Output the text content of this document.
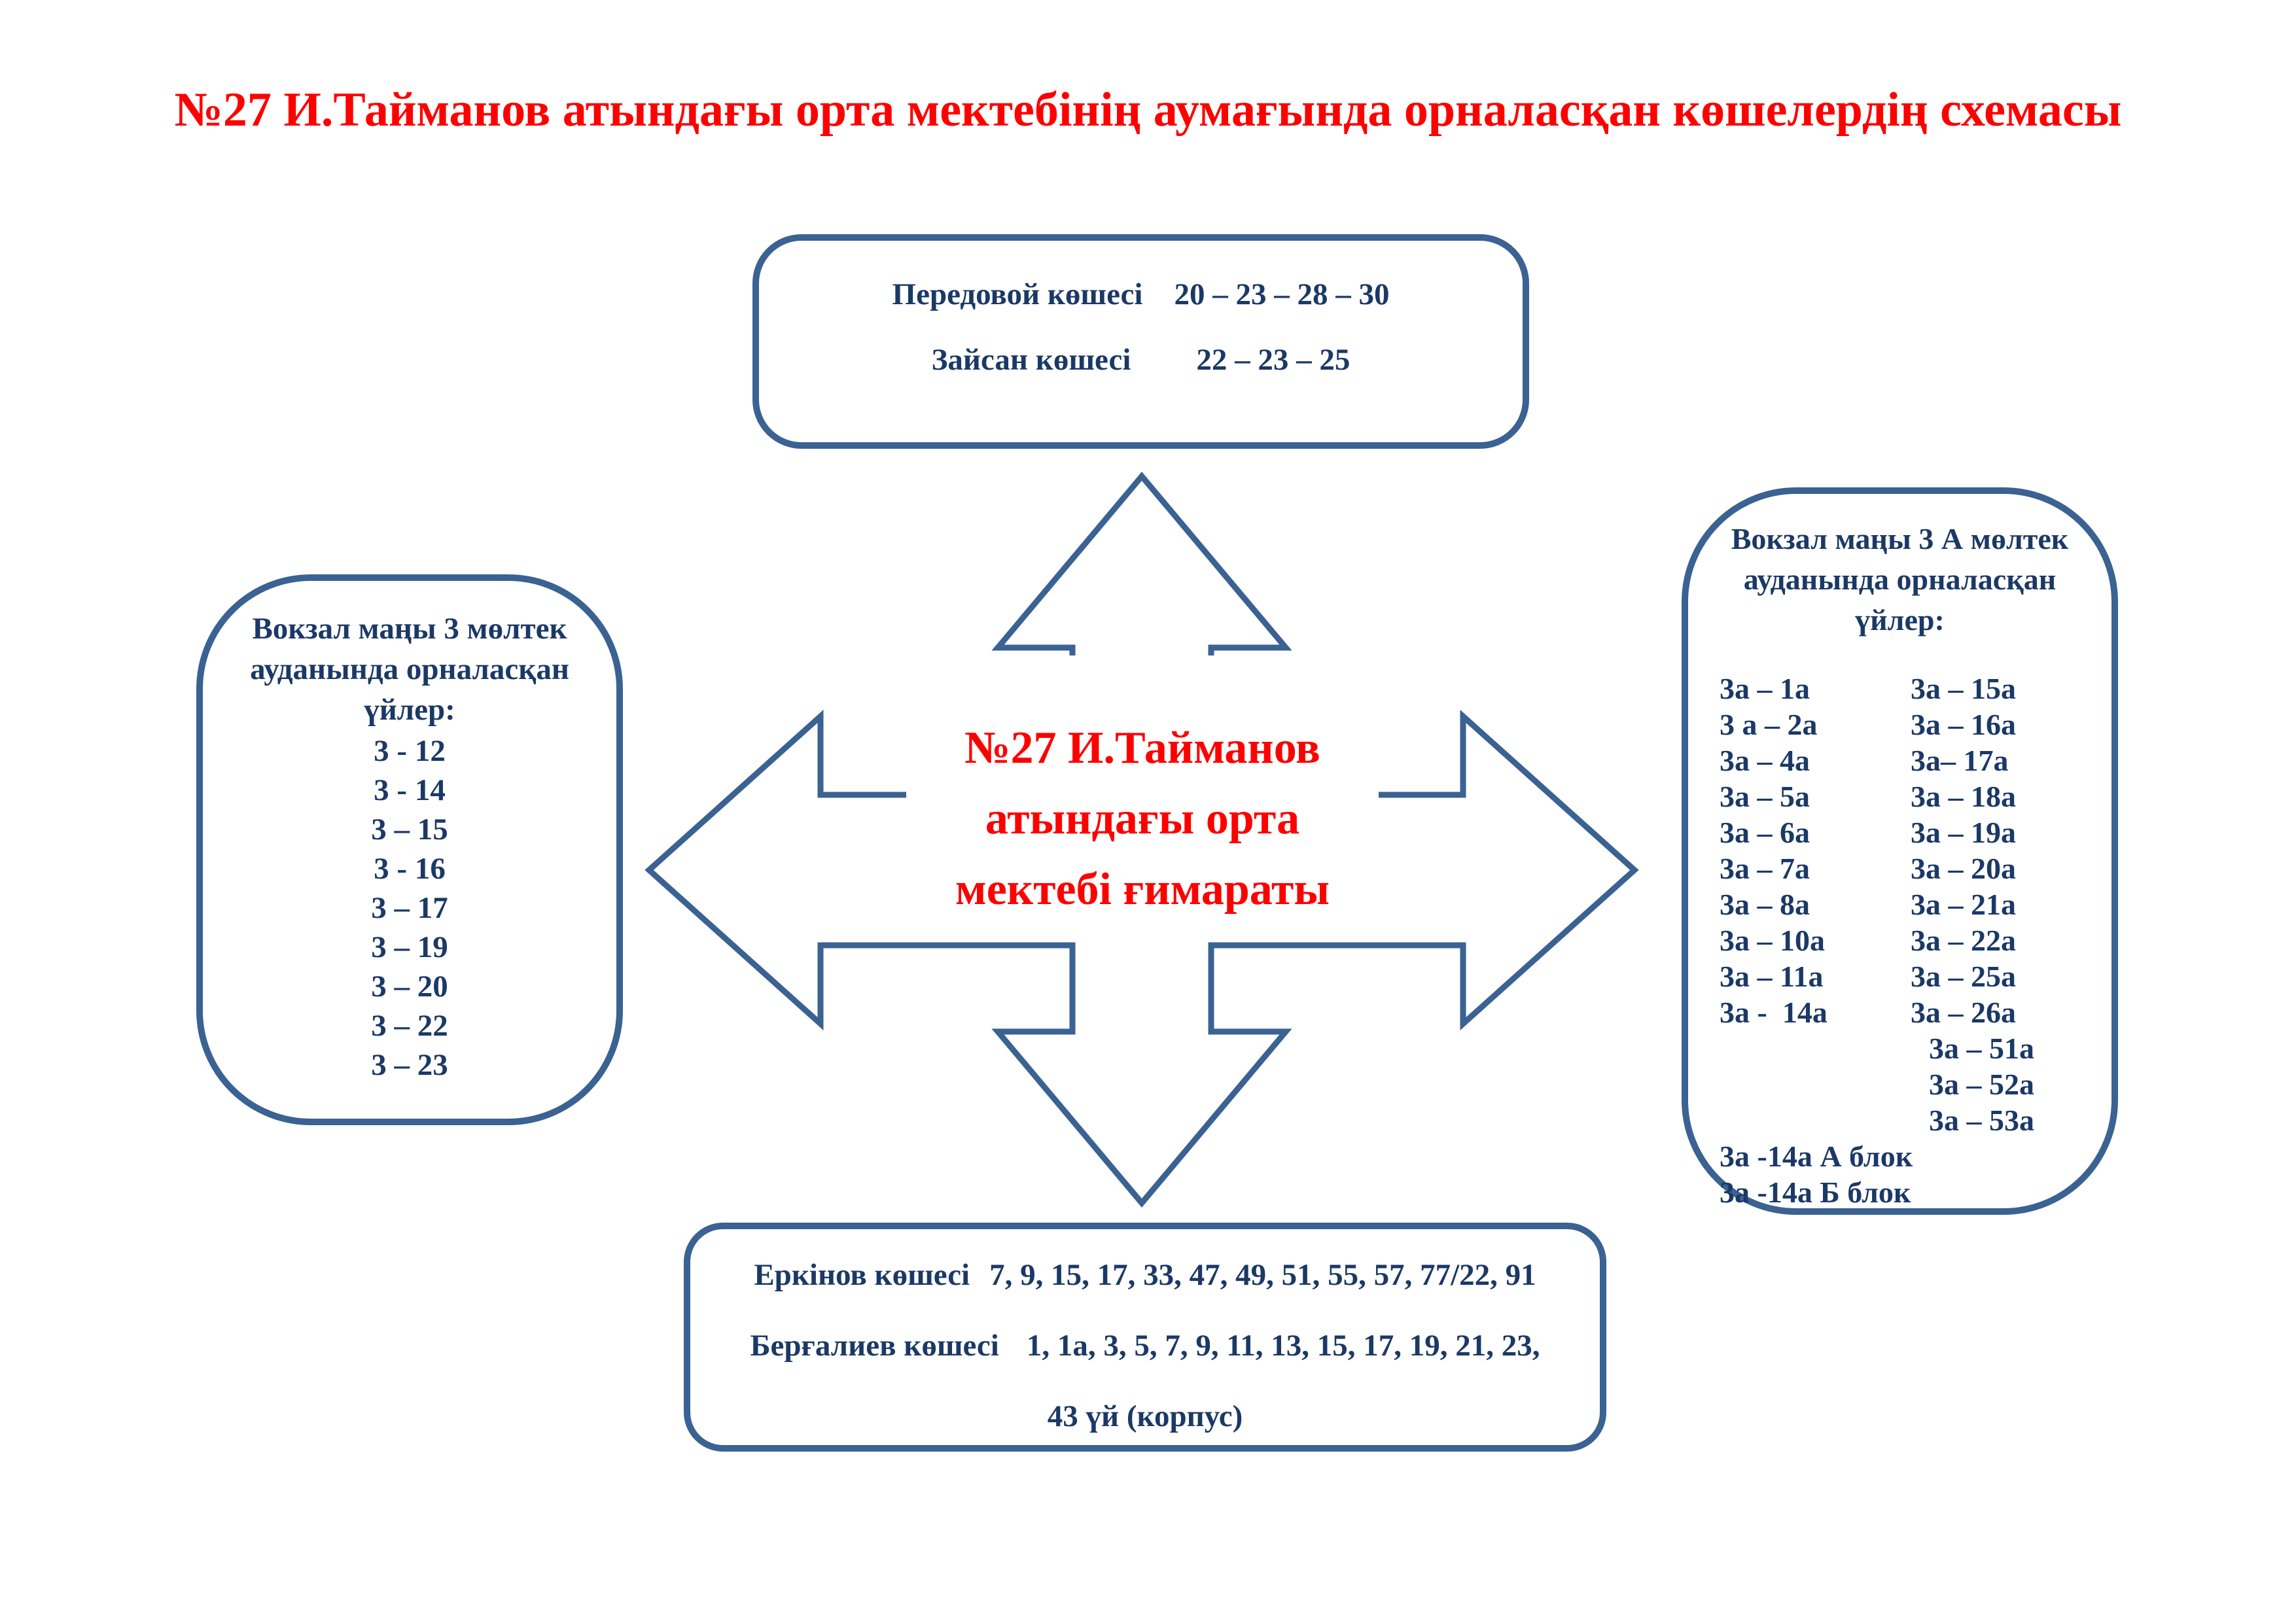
№27 И.Тайманов атындағы орта мектебінің аумағында орналасқан көшелердің схемасы
Передовой көшесі 20 – 23 – 28 – 30
Зайсан көшесі 22 – 23 – 25
Вокзал маңы 3 мөлтек
ауданында орналасқан
үйлер:
3 - 12
3 - 14
3 – 15
3 - 16
3 – 17
3 – 19
3 – 20
3 – 22
3 – 23
Вокзал маңы 3 А мөлтек
ауданында орналасқан
үйлер:
3а – 1а
3 а – 2а
3а – 4а
3а – 5а
3а – 6а
3а – 7а
3а – 8а
3а – 10а
3а – 11а
3а -  14а
3а – 15а
3а – 16а
3а– 17а
3а – 18а
3а – 19а
3а – 20а
3а – 21а
3а – 22а
3а – 25а
3а – 26а
3а – 51а
3а – 52а
3а – 53а
3а -14а А блок
3а -14а Б блок
Еркінов көшесі 7, 9, 15, 17, 33, 47, 49, 51, 55, 57, 77/22, 91
Берғалиев көшесі 1, 1а, 3, 5, 7, 9, 11, 13, 15, 17, 19, 21, 23,
43 үй (корпус)
№27 И.Тайманов
атындағы орта
мектебі ғимараты
